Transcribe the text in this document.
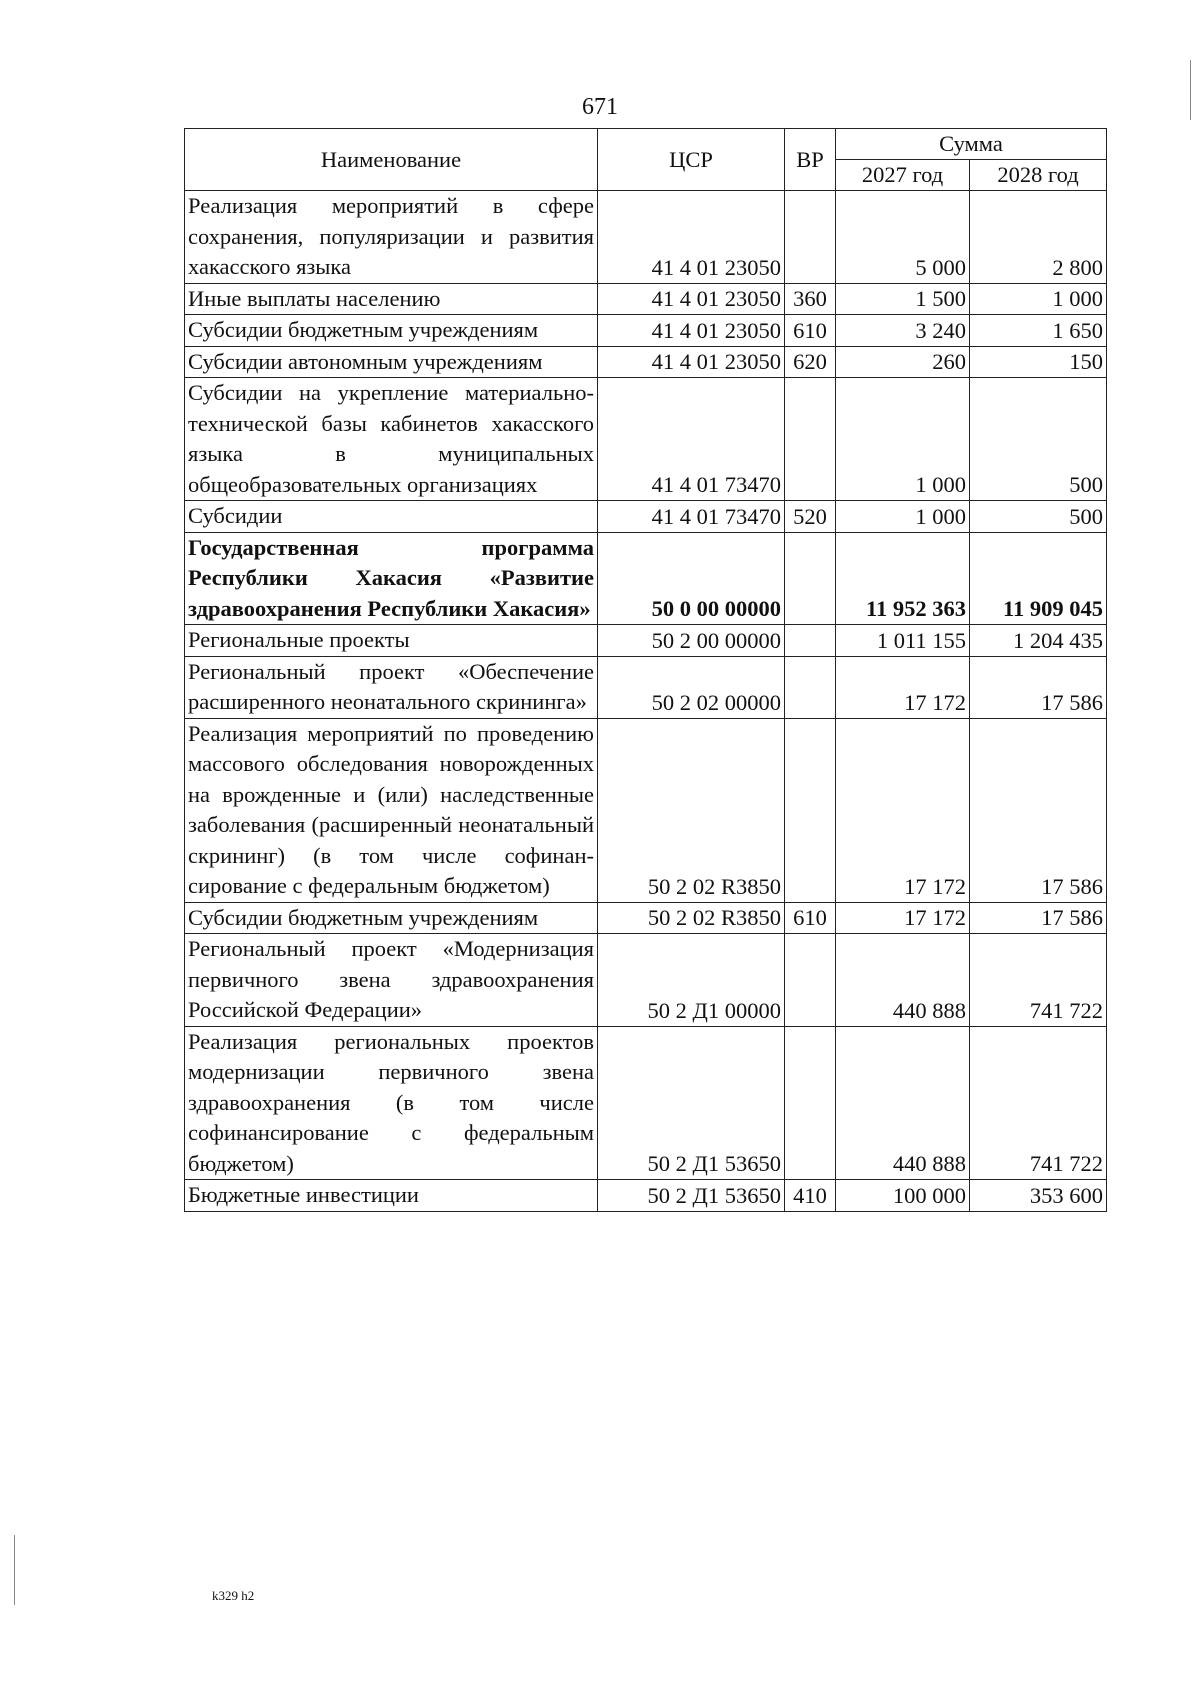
671
Наименование	ЦСР	ВР	Сумма	
			2027 год	2028 год
Реализация мероприятий в сфере сохранения, популяризации и развития хакасского языка	41 4 01 23050		5 000	2 800
Иные выплаты населению	41 4 01 23050	360	1 500	1 000
Субсидии бюджетным учреждениям	41 4 01 23050	610	3 240	1 650
Субсидии автономным учреждениям	41 4 01 23050	620	260	150
Субсидии на укрепление материально-технической базы кабинетов хакасского языка в муниципальных общеобразовательных организациях	41 4 01 73470		1 000	500
Субсидии	41 4 01 73470	520	1 000	500
Государственная программа Республики Хакасия «Развитие здравоохранения Республики Хакасия»	50 0 00 00000		11 952 363	11 909 045
Региональные проекты	50 2 00 00000		1 011 155	1 204 435
Региональный проект «Обеспечение расширенного неонатального скрининга»	50 2 02 00000		17 172	17 586
Реализация мероприятий по проведению массового обследования новорожденных на врожденные и (или) наследственные заболевания (расширенный неонатальный скрининг) (в том числе софинансирование с федеральным бюджетом)	50 2 02 R3850		17 172	17 586
Субсидии бюджетным учреждениям	50 2 02 R3850	610	17 172	17 586
Региональный проект «Модернизация первичного звена здравоохранения Российской Федерации»	50 2 Д1 00000		440 888	741 722
Реализация региональных проектов модернизации первичного звена здравоохранения (в том числе софинансирование с федеральным бюджетом)	50 2 Д1 53650		440 888	741 722
Бюджетные инвестиции	50 2 Д1 53650	410	100 000	353 600
k329 h2
